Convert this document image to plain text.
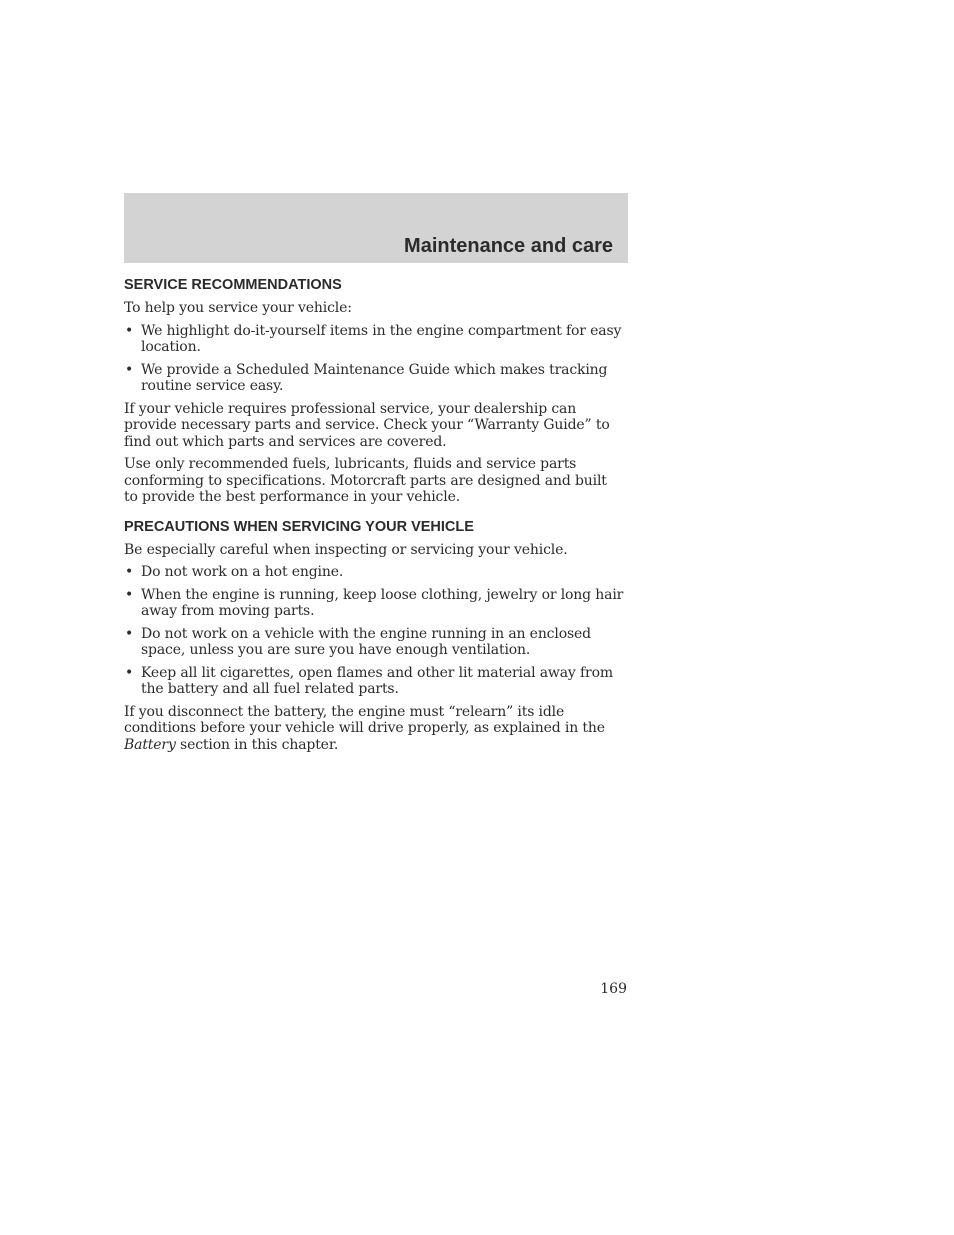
Maintenance and care
SERVICE RECOMMENDATIONS

To help you service your vehicle:

• We highlight do-it-yourself items in the engine compartment for easy location.
• We provide a Scheduled Maintenance Guide which makes tracking routine service easy.

If your vehicle requires professional service, your dealership can provide necessary parts and service. Check your “Warranty Guide” to find out which parts and services are covered.

Use only recommended fuels, lubricants, fluids and service parts conforming to specifications. Motorcraft parts are designed and built to provide the best performance in your vehicle.

PRECAUTIONS WHEN SERVICING YOUR VEHICLE

Be especially careful when inspecting or servicing your vehicle.

• Do not work on a hot engine.
• When the engine is running, keep loose clothing, jewelry or long hair away from moving parts.
• Do not work on a vehicle with the engine running in an enclosed space, unless you are sure you have enough ventilation.
• Keep all lit cigarettes, open flames and other lit material away from the battery and all fuel related parts.

If you disconnect the battery, the engine must “relearn” its idle conditions before your vehicle will drive properly, as explained in the Battery section in this chapter.

169
